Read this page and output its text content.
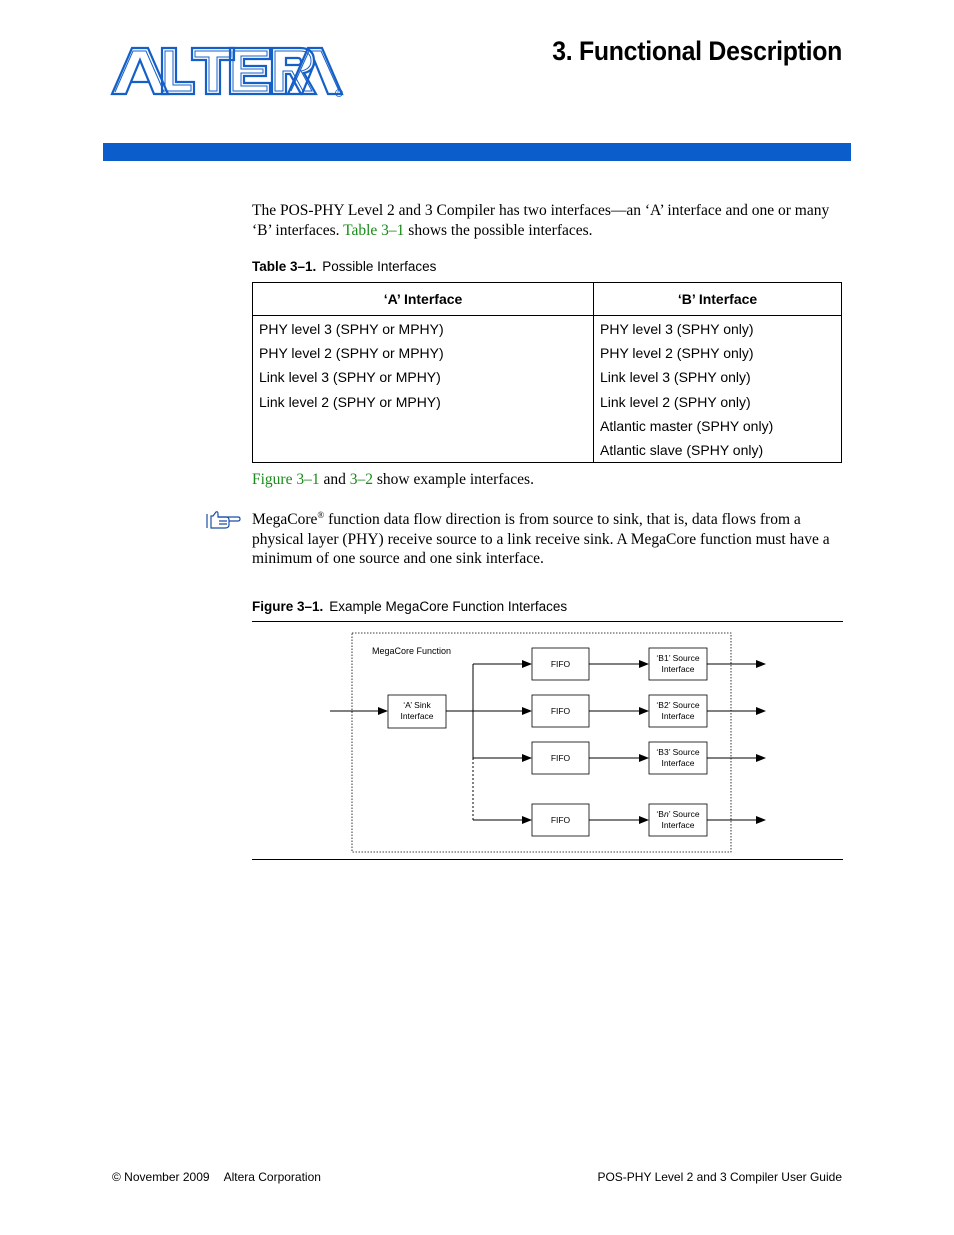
R
3. Functional Description
The POS-PHY Level 2 and 3 Compiler has two interfaces—an ‘A’ interface and one or many ‘B’ interfaces. Table 3–1 shows the possible interfaces.
Table 3–1. Possible Interfaces
‘A’ Interface	‘B’ Interface
PHY level 3 (SPHY or MPHY)	PHY level 3 (SPHY only)
PHY level 2 (SPHY or MPHY)	PHY level 2 (SPHY only)
Link level 3 (SPHY or MPHY)	Link level 3 (SPHY only)
Link level 2 (SPHY or MPHY)	Link level 2 (SPHY only)
	Atlantic master (SPHY only)
	Atlantic slave (SPHY only)
Figure 3–1 and 3–2 show example interfaces.
MegaCore® function data flow direction is from source to sink, that is, data flows from a physical layer (PHY) receive source to a link receive sink. A MegaCore function must have a minimum of one source and one sink interface.
Figure 3–1. Example MegaCore Function Interfaces
MegaCore Function
‘A’ Sink
Interface
FIFO
FIFO
FIFO
FIFO
‘B1’ Source
Interface
‘B2’ Source
Interface
‘B3’ Source
Interface
‘Bn’ Source
Interface
© November 2009 Altera Corporation	POS-PHY Level 2 and 3 Compiler User Guide
